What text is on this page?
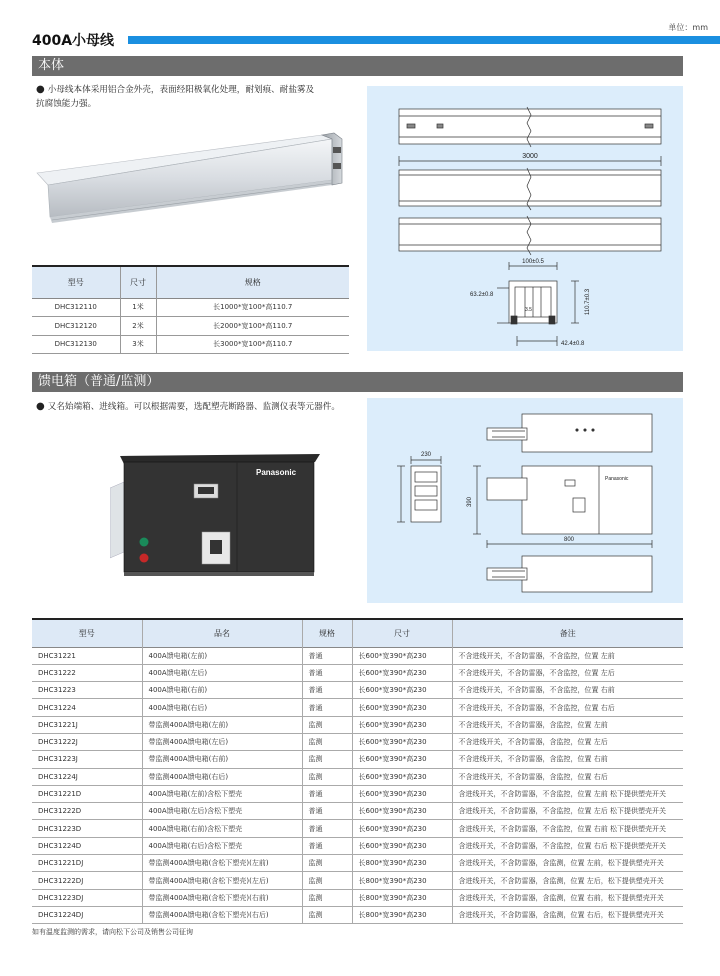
单位：mm
400A小母线
本体
● 小母线本体采用铝合金外壳，表面经阳极氧化处理，耐划痕、耐盐雾及
抗腐蚀能力强。
3000
100±0.5
110.7±0.3
63.2±0.8
42.4±0.8
3.5
型号	尺寸	规格
DHC312110	1米	长1000*宽100*高110.7
DHC312120	2米	长2000*宽100*高110.7
DHC312130	3米	长3000*宽100*高110.7
馈电箱（普通/监测）
● 又名始端箱、进线箱。可以根据需要，选配塑壳断路器、监测仪表等元器件。
Panasonic
230
390
800
Panasonic
型号	品名	规格	尺寸	备注
DHC31221	400A馈电箱(左前)	普通	长600*宽390*高230	不含进线开关，不含防雷器，不含监控，位置 左前
DHC31222	400A馈电箱(左后)	普通	长600*宽390*高230	不含进线开关，不含防雷器，不含监控，位置 左后
DHC31223	400A馈电箱(右前)	普通	长600*宽390*高230	不含进线开关，不含防雷器，不含监控，位置 右前
DHC31224	400A馈电箱(右后)	普通	长600*宽390*高230	不含进线开关，不含防雷器，不含监控，位置 右后
DHC31221J	带监测400A馈电箱(左前)	监测	长600*宽390*高230	不含进线开关，不含防雷器，含监控，位置 左前
DHC31222J	带监测400A馈电箱(左后)	监测	长600*宽390*高230	不含进线开关，不含防雷器，含监控，位置 左后
DHC31223J	带监测400A馈电箱(右前)	监测	长600*宽390*高230	不含进线开关，不含防雷器，含监控，位置 右前
DHC31224J	带监测400A馈电箱(右后)	监测	长600*宽390*高230	不含进线开关，不含防雷器，含监控，位置 右后
DHC31221D	400A馈电箱(左前)含松下塑壳	普通	长600*宽390*高230	含进线开关，不含防雷器，不含监控，位置 左前 松下提供塑壳开关
DHC31222D	400A馈电箱(左后)含松下塑壳	普通	长600*宽390*高230	含进线开关，不含防雷器，不含监控，位置 左后 松下提供塑壳开关
DHC31223D	400A馈电箱(右前)含松下塑壳	普通	长600*宽390*高230	含进线开关，不含防雷器，不含监控，位置 右前 松下提供塑壳开关
DHC31224D	400A馈电箱(右后)含松下塑壳	普通	长600*宽390*高230	含进线开关，不含防雷器，不含监控，位置 右后 松下提供塑壳开关
DHC31221DJ	带监测400A馈电箱(含松下塑壳)(左前)	监测	长800*宽390*高230	含进线开关，不含防雷器，含监测，位置 左前，松下提供塑壳开关
DHC31222DJ	带监测400A馈电箱(含松下塑壳)(左后)	监测	长800*宽390*高230	含进线开关，不含防雷器，含监测，位置 左后，松下提供塑壳开关
DHC31223DJ	带监测400A馈电箱(含松下塑壳)(右前)	监测	长800*宽390*高230	含进线开关，不含防雷器，含监测，位置 右前，松下提供塑壳开关
DHC31224DJ	带监测400A馈电箱(含松下塑壳)(右后)	监测	长800*宽390*高230	含进线开关，不含防雷器，含监测，位置 右后，松下提供塑壳开关
如有温度监测的需求，请向松下公司及销售公司征询
